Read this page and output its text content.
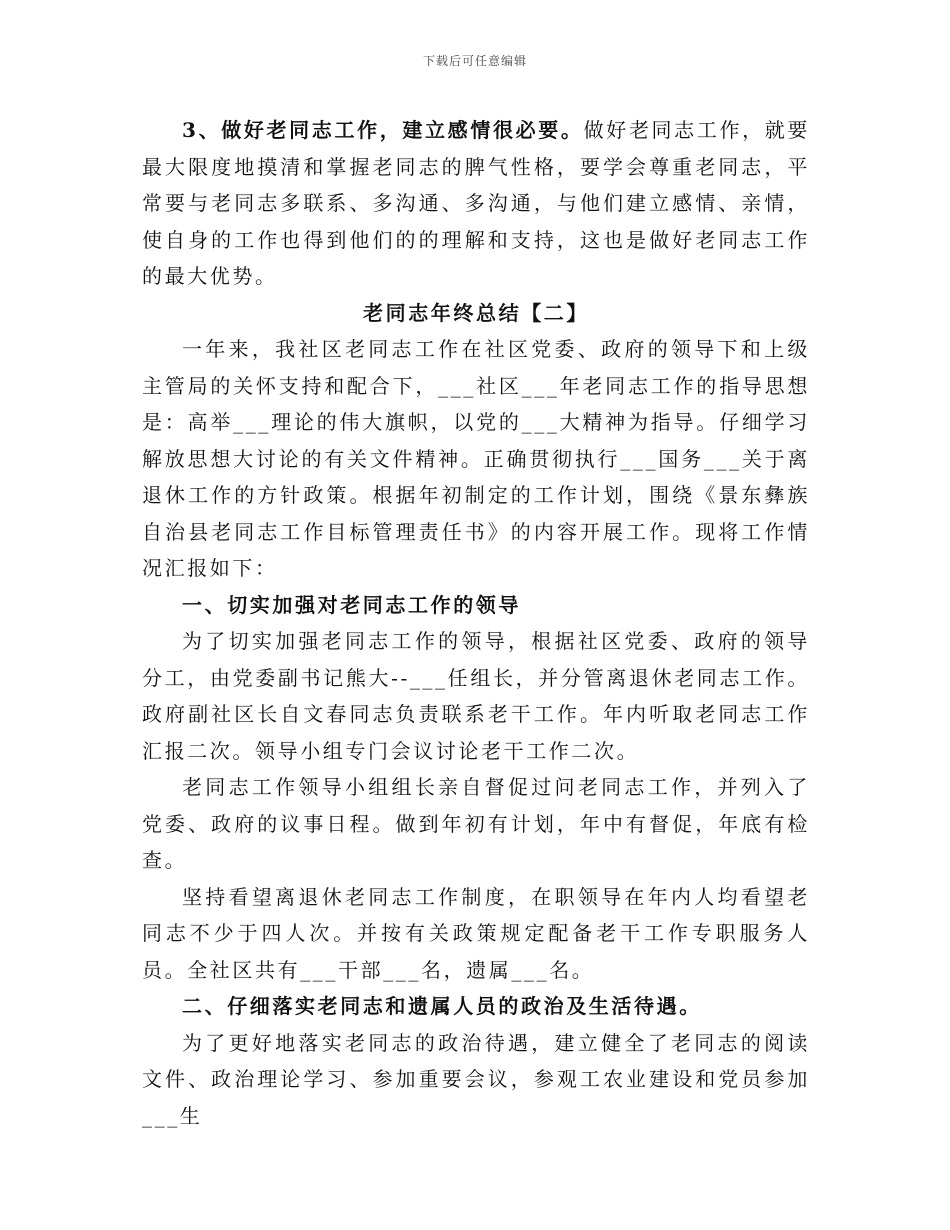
下载后可任意编辑

3、做好老同志工作，建立感情很必要。做好老同志工作，就要最大限度地摸清和掌握老同志的脾气性格，要学会尊重老同志，平常要与老同志多联系、多沟通、多沟通，与他们建立感情、亲情，使自身的工作也得到他们的的理解和支持，这也是做好老同志工作的最大优势。

老同志年终总结【二】

一年来，我社区老同志工作在社区党委、政府的领导下和上级主管局的关怀支持和配合下，___社区___年老同志工作的指导思想是：高举___理论的伟大旗帜，以党的___大精神为指导。仔细学习解放思想大讨论的有关文件精神。正确贯彻执行___国务___关于离退休工作的方针政策。根据年初制定的工作计划，围绕《景东彝族自治县老同志工作目标管理责任书》的内容开展工作。现将工作情况汇报如下：

一、切实加强对老同志工作的领导

为了切实加强老同志工作的领导，根据社区党委、政府的领导分工，由党委副书记熊大--___任组长，并分管离退休老同志工作。政府副社区长自文春同志负责联系老干工作。年内听取老同志工作汇报二次。领导小组专门会议讨论老干工作二次。

老同志工作领导小组组长亲自督促过问老同志工作，并列入了党委、政府的议事日程。做到年初有计划，年中有督促，年底有检查。

坚持看望离退休老同志工作制度，在职领导在年内人均看望老同志不少于四人次。并按有关政策规定配备老干工作专职服务人员。全社区共有___干部___名，遗属___名。

二、仔细落实老同志和遗属人员的政治及生活待遇。

为了更好地落实老同志的政治待遇，建立健全了老同志的阅读文件、政治理论学习、参加重要会议，参观工农业建设和党员参加___生
